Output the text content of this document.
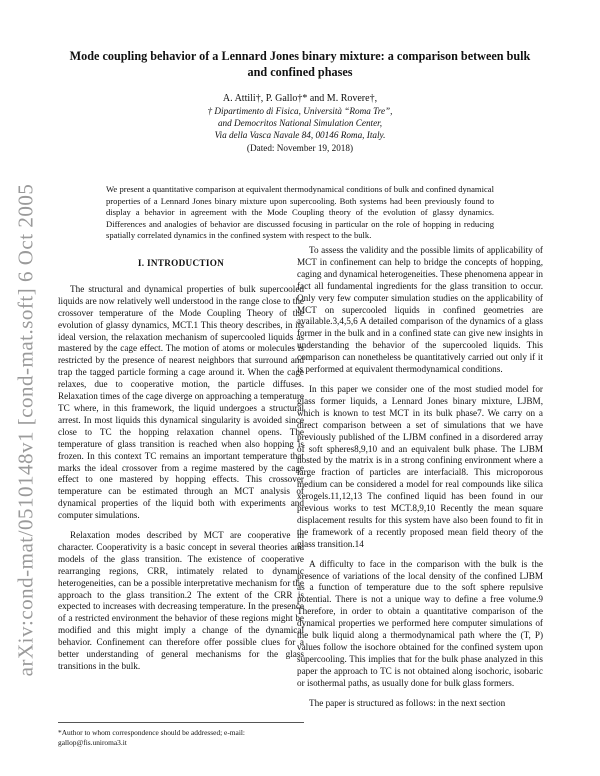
arXiv:cond-mat/0510148v1 [cond-mat.soft] 6 Oct 2005
Mode coupling behavior of a Lennard Jones binary mixture: a comparison between bulk and confined phases
A. Attili†, P. Gallo†* and M. Rovere†,
† Dipartimento di Fisica, Università “Roma Tre”,
and Democritos National Simulation Center,
Via della Vasca Navale 84, 00146 Roma, Italy.
(Dated: November 19, 2018)

We present a quantitative comparison at equivalent thermodynamical conditions of bulk and confined dynamical properties of a Lennard Jones binary mixture upon supercooling. Both systems had been previously found to display a behavior in agreement with the Mode Coupling theory of the evolution of glassy dynamics. Differences and analogies of behavior are discussed focusing in particular on the role of hopping in reducing spatially correlated dynamics in the confined system with respect to the bulk.

I. INTRODUCTION

The structural and dynamical properties of bulk supercooled liquids are now relatively well understood in the range close to the crossover temperature of the Mode Coupling Theory of the evolution of glassy dynamics, MCT.1 This theory describes, in its ideal version, the relaxation mechanism of supercooled liquids as mastered by the cage effect. The motion of atoms or molecules is restricted by the presence of nearest neighbors that surround and trap the tagged particle forming a cage around it. When the cage relaxes, due to cooperative motion, the particle diffuses. Relaxation times of the cage diverge on approaching a temperature TC where, in this framework, the liquid undergoes a structural arrest. In most liquids this dynamical singularity is avoided since close to TC the hopping relaxation channel opens. The temperature of glass transition is reached when also hopping is frozen. In this context TC remains an important temperature that marks the ideal crossover from a regime mastered by the cage effect to one mastered by hopping effects. This crossover temperature can be estimated through an MCT analysis of dynamical properties of the liquid both with experiments and computer simulations.

Relaxation modes described by MCT are cooperative in character. Cooperativity is a basic concept in several theories and models of the glass transition. The existence of cooperative rearranging regions, CRR, intimately related to dynamic heterogeneities, can be a possible interpretative mechanism for the approach to the glass transition.2 The extent of the CRR is expected to increases with decreasing temperature. In the presence of a restricted environment the behavior of these regions might be modified and this might imply a change of the dynamical behavior. Confinement can therefore offer possible clues for a better understanding of general mechanisms for the glass transitions in the bulk.

To assess the validity and the possible limits of applicability of MCT in confinement can help to bridge the concepts of hopping, caging and dynamical heterogeneities. These phenomena appear in fact all fundamental ingredients for the glass transition to occur. Only very few computer simulation studies on the applicability of MCT on supercooled liquids in confined geometries are available.3,4,5,6 A detailed comparison of the dynamics of a glass former in the bulk and in a confined state can give new insights in understanding the behavior of the supercooled liquids. This comparison can nonetheless be quantitatively carried out only if it is performed at equivalent thermodynamical conditions.

In this paper we consider one of the most studied model for glass former liquids, a Lennard Jones binary mixture, LJBM, which is known to test MCT in its bulk phase7. We carry on a direct comparison between a set of simulations that we have previously published of the LJBM confined in a disordered array of soft spheres8,9,10 and an equivalent bulk phase. The LJBM hosted by the matrix is in a strong confining environment where a large fraction of particles are interfacial8. This microporous medium can be considered a model for real compounds like silica xerogels.11,12,13 The confined liquid has been found in our previous works to test MCT.8,9,10 Recently the mean square displacement results for this system have also been found to fit in the framework of a recently proposed mean field theory of the glass transition.14

A difficulty to face in the comparison with the bulk is the presence of variations of the local density of the confined LJBM as a function of temperature due to the soft sphere repulsive potential. There is not a unique way to define a free volume.9 Therefore, in order to obtain a quantitative comparison of the dynamical properties we performed here computer simulations of the bulk liquid along a thermodynamical path where the (T, P) values follow the isochore obtained for the confined system upon supercooling. This implies that for the bulk phase analyzed in this paper the approach to TC is not obtained along isochoric, isobaric or isothermal paths, as usually done for bulk glass formers.

The paper is structured as follows: in the next section

*Author to whom correspondence should be addressed; e-mail: gallop@fis.uniroma3.it
